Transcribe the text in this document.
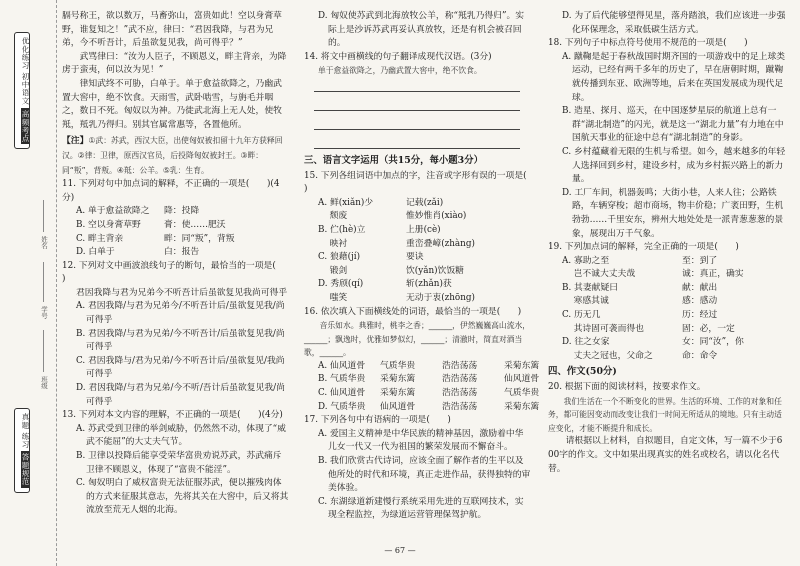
优化练习 初中语文 高频考点
真题 练习 答题规范
姓名
学号
班级

膈号称王，欲以数万，马畜弥山，富贵如此！空以身膏草野，谁复知之！”武不应，律曰：“君因我降，与君为兄弟，今不听吾计，后虽欲复见我，尚可得乎？”

武骂律曰：“汝为人臣子，不顾恩义，畔主背亲，为降虏于蛮夷，何以汝为见！”

律知武终不可胁，白单于。单于愈益欲降之，乃幽武置大窖中，绝不饮食。天雨雪，武卧啮雪，与旃毛并咽之，数日不死。匈奴以为神。乃徙武北海上无人处，使牧羝，羝乳乃得归。别其官属常惠等，各置他所。

【注】①武：苏武，西汉大臣，出使匈奴被扣留十九年方获释回汉。②律：卫律，原西汉官员，后投降匈奴被封王。③畔：同“叛”，背叛。④羝：公羊。⑤乳：生育。

11. 下列对句中加点词的解释，不正确的一项是(　　)(4分)

A. 单于愈益欲降之 降：投降

B. 空以身膏草野	膏：使……肥沃

C. 畔主背亲	畔：同“叛”，背叛

D. 白单于	白：报告

12. 下列对文中画波浪线句子的断句，最恰当的一项是(　　)

君因我降与君为兄弟今不听吾计后虽欲复见我尚可得乎

A. 君因我降/与君为兄弟今/不听吾计后/虽欲复见我/尚可得乎

B. 君因我降/与君为兄弟/今不听吾计/后虽欲复见我/尚可得乎

C. 君因我降与/君为兄弟/今不听吾计后/虽欲复见/我尚可得乎

D. 君因我降/与君为兄弟/今不听/吾计后虽欲复见我/尚可得乎

13. 下列对本文内容的理解，不正确的一项是(　　)(4分)

A. 苏武受到卫律的举剑威胁，仍然然不动，体现了“威武不能屈”的大丈夫气节。

B. 卫律以投降后能享受荣华富贵劝说苏武，苏武痛斥卫律不顾恩义，体现了“富贵不能淫”。

C. 匈奴明白了威权富贵无法征服苏武，便以摧残肉体的方式来征服其意志，先将其关在大窖中，后又将其流放至荒无人烟的北海。

D. 匈奴使苏武到北海放牧公羊，称“羝乳乃得归”。实际上是沙诉苏武再妥认真放牧，还是有机会被召回的。

14. 将文中画横线的句子翻译成现代汉语。(3分)

单于愈益欲降之，乃幽武置大窖中，绝不饮食。

三、语言文字运用（共15分，每小题3分）

15. 下列各组词语中加点的字，注音或字形有误的一项是(　　)

A. 鲜(xiǎn)少	记载(zǎi)

　 颓废	惟妙惟肖(xiào)

B. 伫(hè)立	上册(cè)

　 映衬	重峦叠嶂(zhàng)

C. 狼藉(jí)	要诀

　 锻剑	饮(yǎn)饮饭糖

D. 秀颀(qí)	斩(zhǎn)获

　 嗤笑	无动于衷(zhōng)

16. 依次填入下面横线处的词语，最恰当的一项是(　　)

音乐如水。典雅时，桃李之香；______，伊然巍巍高山流水，______；飘逸时，优雅如梦似幻，______；清澈时，简直对酒当歌，______。

A. 仙风道骨	气质华贵	浩浩荡荡	采菊东篱
B. 气质华贵	采菊东篱	浩浩荡荡	仙风道骨
C. 仙风道骨	采菊东篱	浩浩荡荡	气质华贵
D. 气质华贵	仙风道骨	浩浩荡荡	采菊东篱

17. 下列各句中有语病的一项是(　　)

A. 爱国主义精神是中华民族的精神基因，激励着中华儿女一代又一代为祖国的繁荣发展而不懈奋斗。

B. 我们欣赏古代诗词，应该全面了解作者的生平以及他所处的时代和环境，真正走进作品，获得独特的审美体验。

C. 东湖绿道新建慢行系统采用先进的互联网技术，实现全程监控，为绿道运营管理保驾护航。

D. 为了后代能够望得见星，落舟踏浪，我们应该进一步强化环保理念，采取低碳生活方式。

18. 下列句子中标点符号使用不规范的一项是(　　)

A. 蹴鞠是起于春秋战国时期齐国的一项游戏中的足上球类运动，已经有两千多年的历史了，早在唐朝时期，蹴鞠就传播到东亚、欧洲等地，后来在英国发展成为现代足球。

B. 造星、探月、巡天，在中国逐梦星辰的航道上总有一群“湖北制造”的闪光，就是这一“湖北力量”有力地在中国航天事业的征途中总有“湖北制造”的身影。

C. 乡村蕴藏着无限的生机与希望。如今，越来越多的年轻人选择回到乡村，建设乡村，成为乡村振兴路上的新力量。

D. 工厂车间，机器轰鸣；大街小巷，人来人往；公路铁路，车辆穿梭；超市商场，物丰价稳；广袤田野，生机勃勃……千里安东，辨州大地处处是一派青葱葱葱的景象，展现出万千气象。

19. 下列加点词的解释，完全正确的一项是(　　)

A. 寡助之至	至：到了

　 岂不诚大丈夫哉	诚：真正，确实

B. 其妻献疑曰	献：献出

　 寒感其诚	感：感动

C. 历无几	历：经过

　 其诗固可袭而得也	固：必，一定

D. 往之女家	女：同“汝”，你

　 丈夫之冠也，父命之	命：命令

四、作文(50分)

20. 根据下面的阅读材料，按要求作文。

我们生活在一个不断变化的世界。生活的环境、工作的对象和任务，都可能因变动而改变让我们一时间无所适从的境地。只有主动适应变化，才能不断提升和成长。

请根据以上材料，自拟题目，自定文体，写一篇不少于600字的作文。文中如果出现真实的姓名或校名，请以化名代替。

— 67 —
